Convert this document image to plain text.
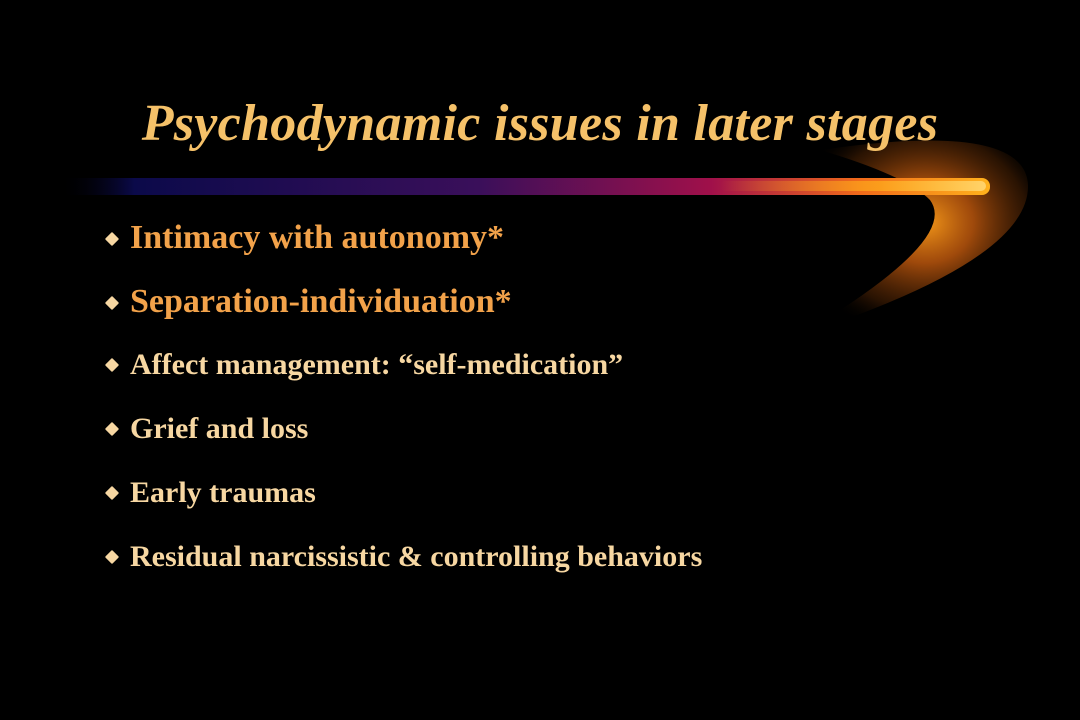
Psychodynamic issues in later stages
Intimacy with autonomy*
Separation-individuation*
Affect management: “self-medication”
Grief and loss
Early traumas
Residual narcissistic & controlling behaviors
